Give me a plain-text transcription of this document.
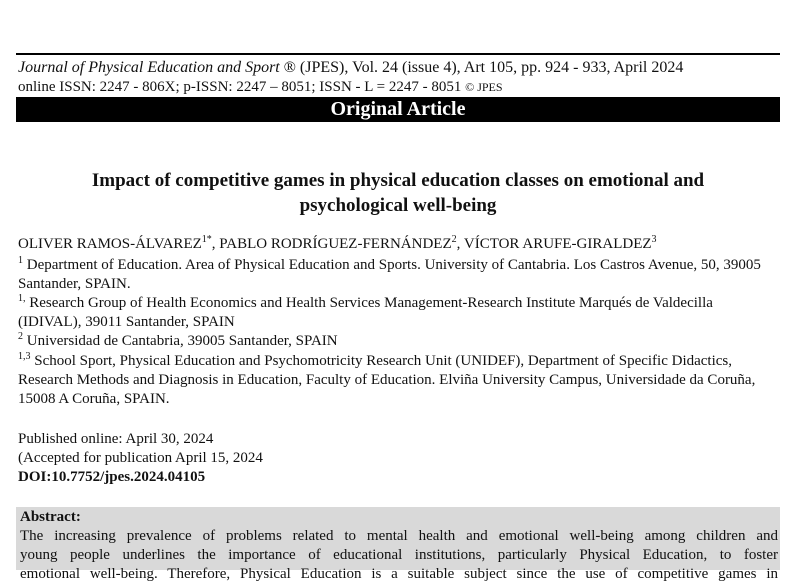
Journal of Physical Education and Sport ® (JPES), Vol. 24 (issue 4), Art 105, pp. 924 - 933, April 2024
online ISSN: 2247 - 806X; p-ISSN: 2247 – 8051; ISSN - L = 2247 - 8051 © JPES
Original Article
Impact of competitive games in physical education classes on emotional and psychological well-being
OLIVER RAMOS-$ÁLVAREZ^{1*}$, PABLO RODRÍGUEZ-FERNÁNDEZ$^2$, VÍCTOR ARUFE-GIRALDEZ$^3$
$^1$ Department of Education. Area of Physical Education and Sports. University of Cantabria. Los Castros Avenue, 50, 39005 Santander, SPAIN.
$^{1,}$ Research Group of Health Economics and Health Services Management-Research Institute Marqués de Valdecilla (IDIVAL), 39011 Santander, SPAIN
$^2$ Universidad de Cantabria, 39005 Santander, SPAIN
$^{1,3}$ School Sport, Physical Education and Psychomotricity Research Unit (UNIDEF), Department of Specific Didactics, Research Methods and Diagnosis in Education, Faculty of Education. Elviña University Campus, Universidade da Coruña, 15008 A Coruña, SPAIN.
Published online: April 30, 2024
(Accepted for publication April 15, 2024
DOI:10.7752/jpes.2024.04105
Abstract:
The increasing prevalence of problems related to mental health and emotional well-being among children and
young people underlines the importance of educational institutions, particularly Physical Education, to foster
emotional well-being. Therefore, Physical Education is a suitable subject since the use of competitive games in
